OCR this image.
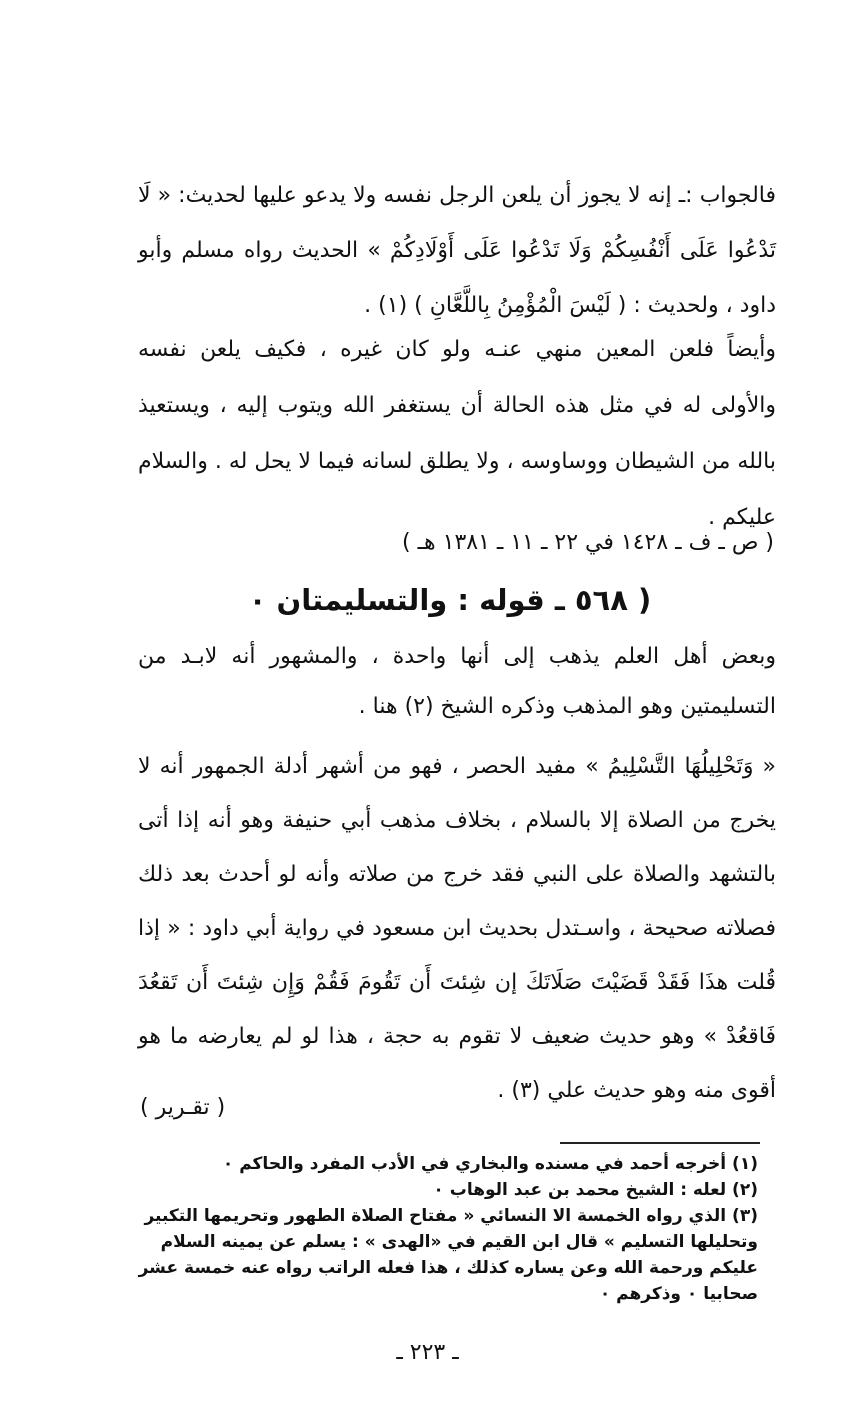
فالجواب :ـ إنه لا يجوز أن يلعن الرجل نفسه ولا يدعو عليها لحديث: « لَا تَدْعُوا عَلَى أَنْفُسِكُمْ وَلَا تَدْعُوا عَلَى أَوْلَادِكُمْ » الحديث رواه مسلم وأبو داود ، ولحديث : ( لَيْسَ الْمُؤْمِنُ بِاللَّعَّانِ ) (١) .
وأيضاً فلعن المعين منهي عنـه ولو كان غيره ، فكيف يلعن نفسه والأولى له في مثل هذه الحالة أن يستغفر الله ويتوب إليه ، ويستعيذ بالله من الشيطان ووساوسه ، ولا يطلق لسانه فيما لا يحل له . والسلام عليكم .
( ص ـ ف ـ ١٤٢٨ في ٢٢ ـ ١١ ـ ١٣٨١ هـ )
( ٥٦٨ ـ قوله : والتسليمتان ٠
وبعض أهل العلم يذهب إلى أنها واحدة ، والمشهور أنه لابـد من التسليمتين وهو المذهب وذكره الشيخ (٢) هنا .
« وَتَحْلِيلُهَا التَّسْلِيمُ » مفيد الحصر ، فهو من أشهر أدلة الجمهور أنه لا يخرج من الصلاة إلا بالسلام ، بخلاف مذهب أبي حنيفة وهو أنه إذا أتى بالتشهد والصلاة على النبي فقد خرج من صلاته وأنه لو أحدث بعد ذلك فصلاته صحيحة ، واسـتدل بحديث ابن مسعود في رواية أبي داود : « إذا قُلت هذَا فَقَدْ قَضَيْتَ صَلَاتَكَ إن شِئتَ أَن تَقُومَ فَقُمْ وَإِن شِئتَ أَن تَقعُدَ فَاقعُدْ » وهو حديث ضعيف لا تقوم به حجة ، هذا لو لم يعارضه ما هو أقوى منه وهو حديث علي (٣) .
( تقـرير )

(١) أخرجه أحمد في مسنده والبخاري في الأدب المفرد والحاكم ٠

(٢) لعله : الشيخ محمد بن عبد الوهاب ٠

(٣) الذي رواه الخمسة الا النسائي « مفتاح الصلاة الطهور وتحريمها التكبير وتحليلها التسليم » قال ابن القيم في «الهدى » : يسلم عن يمينه السلام عليكم ورحمة الله وعن يساره كذلك ، هذا فعله الراتب رواه عنه خمسة عشر صحابيا ٠ وذكرهم ٠

ـ ٢٢٣ ـ
